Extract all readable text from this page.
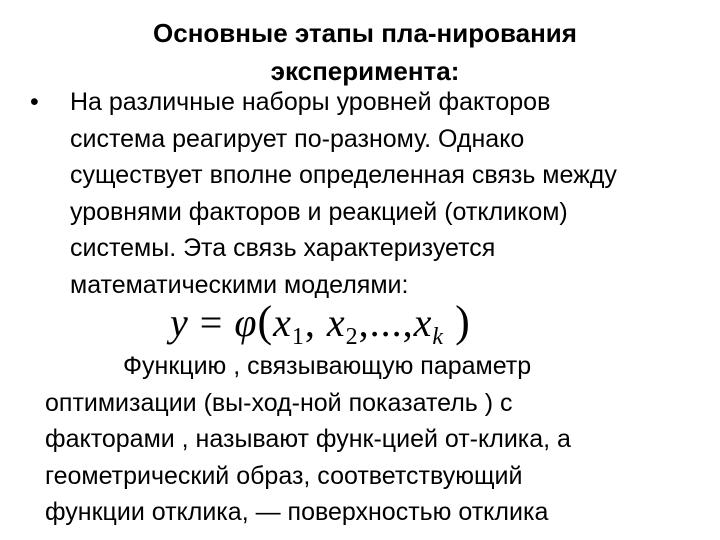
Основные этапы пла-нирования
эксперимента:
• На различные наборы уровней факторов
система реагирует по-разному. Однако
существует вполне определенная связь между
уровнями факторов и реакцией (откликом)
системы. Эта связь характеризуется
математическими моделями:
$y = \varphi(x_1$, $x_2,...,x_k$ )
Функцию , связывающую параметр
оптимизации (вы-ход-ной показатель ) с
факторами , называют функ-цией от-клика, а
геометрический образ, соответствующий
функции отклика, — поверхностью отклика
